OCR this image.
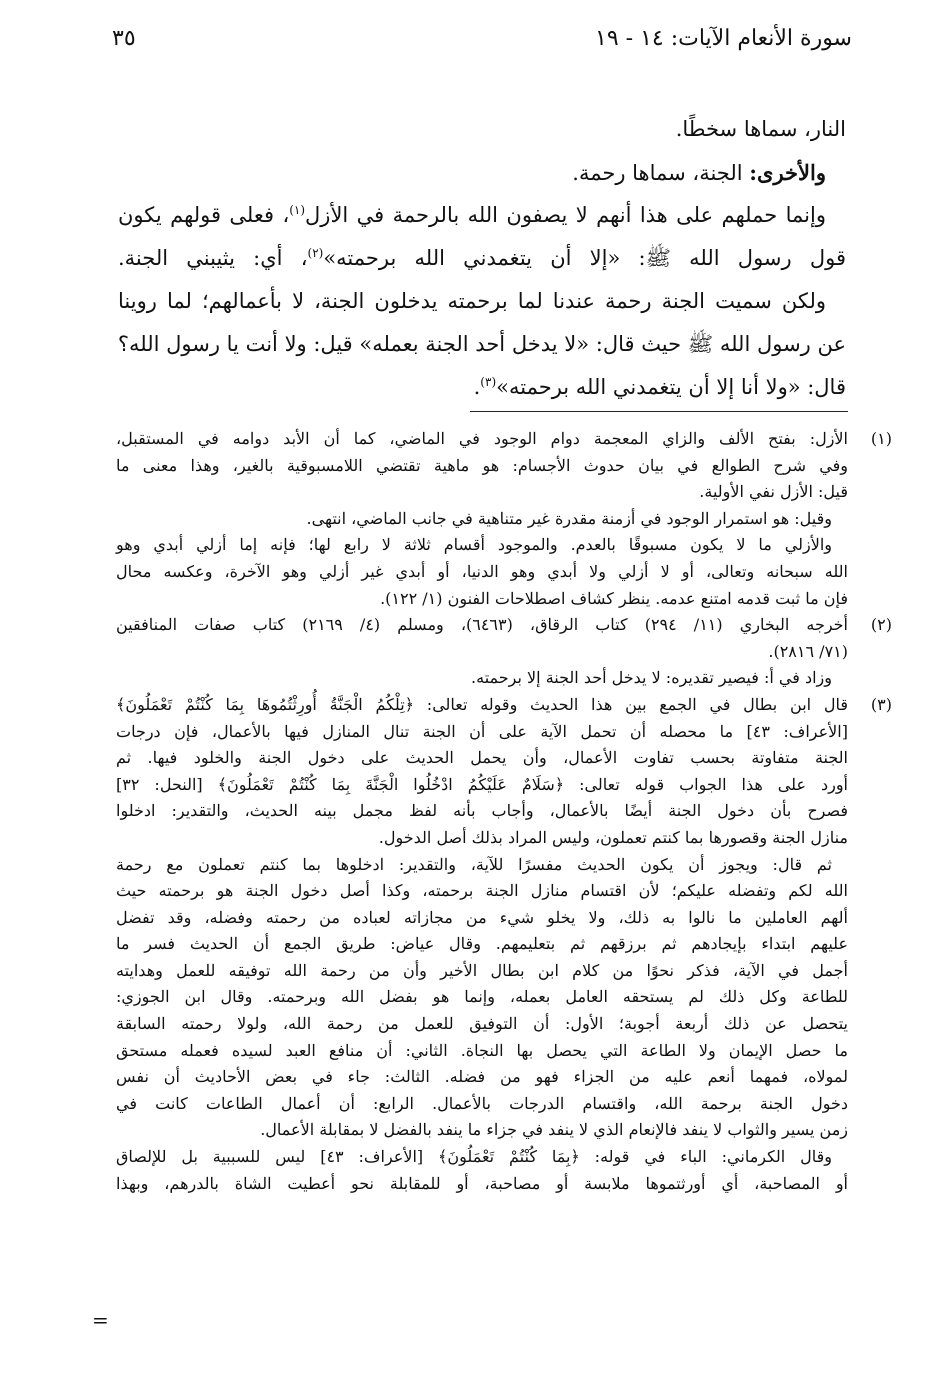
سورة الأنعام الآيات: ١٤ - ١٩
٣٥
النار، سماها سخطًا.
والأخرى: الجنة، سماها رحمة.
وإنما حملهم على هذا أنهم لا يصفون الله بالرحمة في الأزل$^{(١)}$، فعلى قولهم يكون
قول رسول الله ﷺ: «إلا أن يتغمدني الله برحمته»$^{(٢)}$، أي: يثيبني الجنة.
ولكن سميت الجنة رحمة عندنا لما برحمته يدخلون الجنة، لا بأعمالهم؛ لما روينا
عن رسول الله ﷺ حيث قال: «لا يدخل أحد الجنة بعمله» قيل: ولا أنت يا رسول الله؟
قال: «ولا أنا إلا أن يتغمدني الله برحمته»$^{(٣)}$.
(١)
الأزل: بفتح الألف والزاي المعجمة دوام الوجود في الماضي، كما أن الأبد دوامه في المستقبل،
وفي شرح الطوالع في بيان حدوث الأجسام: هو ماهية تقتضي اللامسبوقية بالغير، وهذا معنى ما
قيل: الأزل نفي الأولية.
وقيل: هو استمرار الوجود في أزمنة مقدرة غير متناهية في جانب الماضي، انتهى.
والأزلي ما لا يكون مسبوقًا بالعدم. والموجود أقسام ثلاثة لا رابع لها؛ فإنه إما أزلي أبدي وهو
الله سبحانه وتعالى، أو لا أزلي ولا أبدي وهو الدنيا، أو أبدي غير أزلي وهو الآخرة، وعكسه محال
فإن ما ثبت قدمه امتنع عدمه. ينظر كشاف اصطلاحات الفنون (١/ ١٢٢).
(٢)
أخرجه البخاري (١١/ ٢٩٤) كتاب الرقاق، (٦٤٦٣)، ومسلم (٤/ ٢١٦٩) كتاب صفات المنافقين
(٧١/ ٢٨١٦).
وزاد في أ: فيصير تقديره: لا يدخل أحد الجنة إلا برحمته.
(٣)
قال ابن بطال في الجمع بين هذا الحديث وقوله تعالى: ﴿تِلْكُمُ الْجَنَّةُ أُورِثْتُمُوهَا بِمَا كُنْتُمْ تَعْمَلُونَ﴾
[الأعراف: ٤٣] ما محصله أن تحمل الآية على أن الجنة تنال المنازل فيها بالأعمال، فإن درجات
الجنة متفاوتة بحسب تفاوت الأعمال، وأن يحمل الحديث على دخول الجنة والخلود فيها. ثم
أورد على هذا الجواب قوله تعالى: ﴿سَلَامٌ عَلَيْكُمُ ادْخُلُوا الْجَنَّةَ بِمَا كُنْتُمْ تَعْمَلُونَ﴾ [النحل: ٣٢]
فصرح بأن دخول الجنة أيضًا بالأعمال، وأجاب بأنه لفظ مجمل بينه الحديث، والتقدير: ادخلوا
منازل الجنة وقصورها بما كنتم تعملون، وليس المراد بذلك أصل الدخول.
ثم قال: ويجوز أن يكون الحديث مفسرًا للآية، والتقدير: ادخلوها بما كنتم تعملون مع رحمة
الله لكم وتفضله عليكم؛ لأن اقتسام منازل الجنة برحمته، وكذا أصل دخول الجنة هو برحمته حيث
ألهم العاملين ما نالوا به ذلك، ولا يخلو شيء من مجازاته لعباده من رحمته وفضله، وقد تفضل
عليهم ابتداء بإيجادهم ثم برزقهم ثم بتعليمهم. وقال عياض: طريق الجمع أن الحديث فسر ما
أجمل في الآية، فذكر نحوًا من كلام ابن بطال الأخير وأن من رحمة الله توفيقه للعمل وهدايته
للطاعة وكل ذلك لم يستحقه العامل بعمله، وإنما هو بفضل الله وبرحمته. وقال ابن الجوزي:
يتحصل عن ذلك أربعة أجوبة؛ الأول: أن التوفيق للعمل من رحمة الله، ولولا رحمته السابقة
ما حصل الإيمان ولا الطاعة التي يحصل بها النجاة. الثاني: أن منافع العبد لسيده فعمله مستحق
لمولاه، فمهما أنعم عليه من الجزاء فهو من فضله. الثالث: جاء في بعض الأحاديث أن نفس
دخول الجنة برحمة الله، واقتسام الدرجات بالأعمال. الرابع: أن أعمال الطاعات كانت في
زمن يسير والثواب لا ينفد فالإنعام الذي لا ينفد في جزاء ما ينفد بالفضل لا بمقابلة الأعمال.
وقال الكرماني: الباء في قوله: ﴿بِمَا كُنْتُمْ تَعْمَلُونَ﴾ [الأعراف: ٤٣] ليس للسببية بل للإلصاق
أو المصاحبة، أي أورثتموها ملابسة أو مصاحبة، أو للمقابلة نحو أعطيت الشاة بالدرهم، وبهذا
=
